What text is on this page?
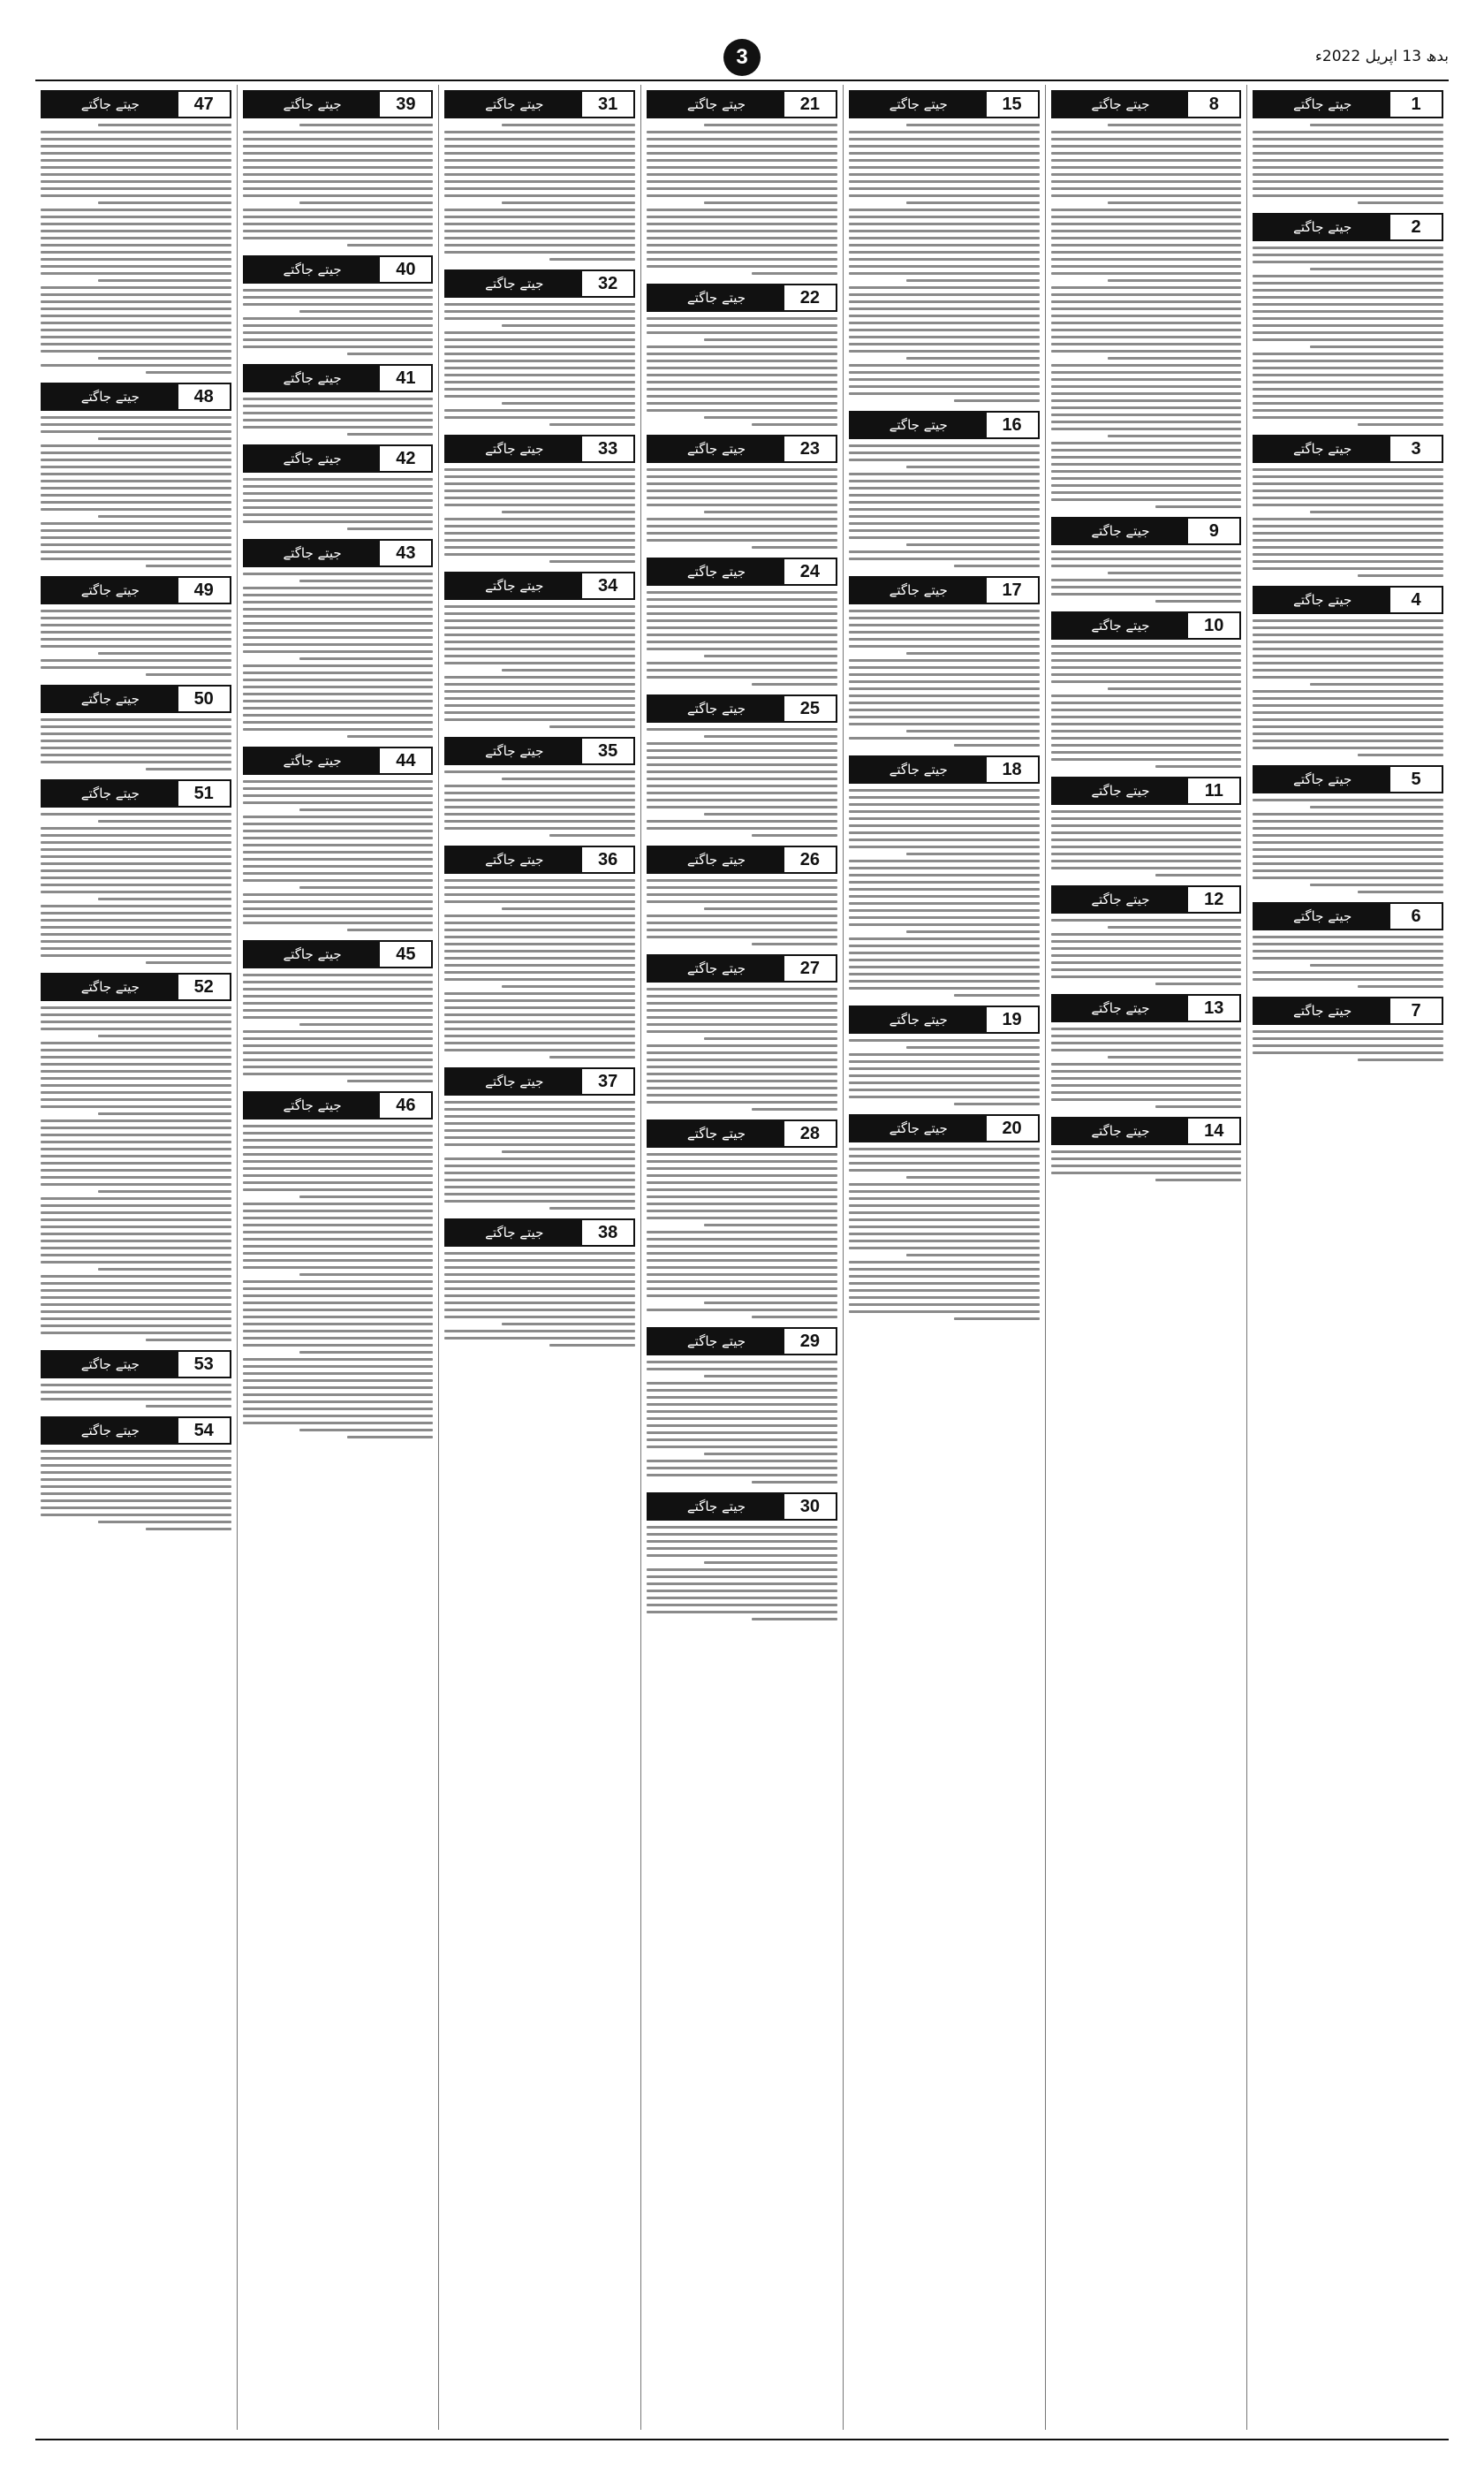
بدھ 13 اپریل 2022ء
3
1
جیتے جاگتے
2
جیتے جاگتے
3
جیتے جاگتے
4
جیتے جاگتے
5
جیتے جاگتے
6
جیتے جاگتے
7
جیتے جاگتے
8
جیتے جاگتے
9
جیتے جاگتے
10
جیتے جاگتے
11
جیتے جاگتے
12
جیتے جاگتے
13
جیتے جاگتے
14
جیتے جاگتے
15
جیتے جاگتے
16
جیتے جاگتے
17
جیتے جاگتے
18
جیتے جاگتے
19
جیتے جاگتے
20
جیتے جاگتے
21
جیتے جاگتے
22
جیتے جاگتے
23
جیتے جاگتے
24
جیتے جاگتے
25
جیتے جاگتے
26
جیتے جاگتے
27
جیتے جاگتے
28
جیتے جاگتے
29
جیتے جاگتے
30
جیتے جاگتے
31
جیتے جاگتے
32
جیتے جاگتے
33
جیتے جاگتے
34
جیتے جاگتے
35
جیتے جاگتے
36
جیتے جاگتے
37
جیتے جاگتے
38
جیتے جاگتے
39
جیتے جاگتے
40
جیتے جاگتے
41
جیتے جاگتے
42
جیتے جاگتے
43
جیتے جاگتے
44
جیتے جاگتے
45
جیتے جاگتے
46
جیتے جاگتے
47
جیتے جاگتے
48
جیتے جاگتے
49
جیتے جاگتے
50
جیتے جاگتے
51
جیتے جاگتے
52
جیتے جاگتے
53
جیتے جاگتے
54
جیتے جاگتے
